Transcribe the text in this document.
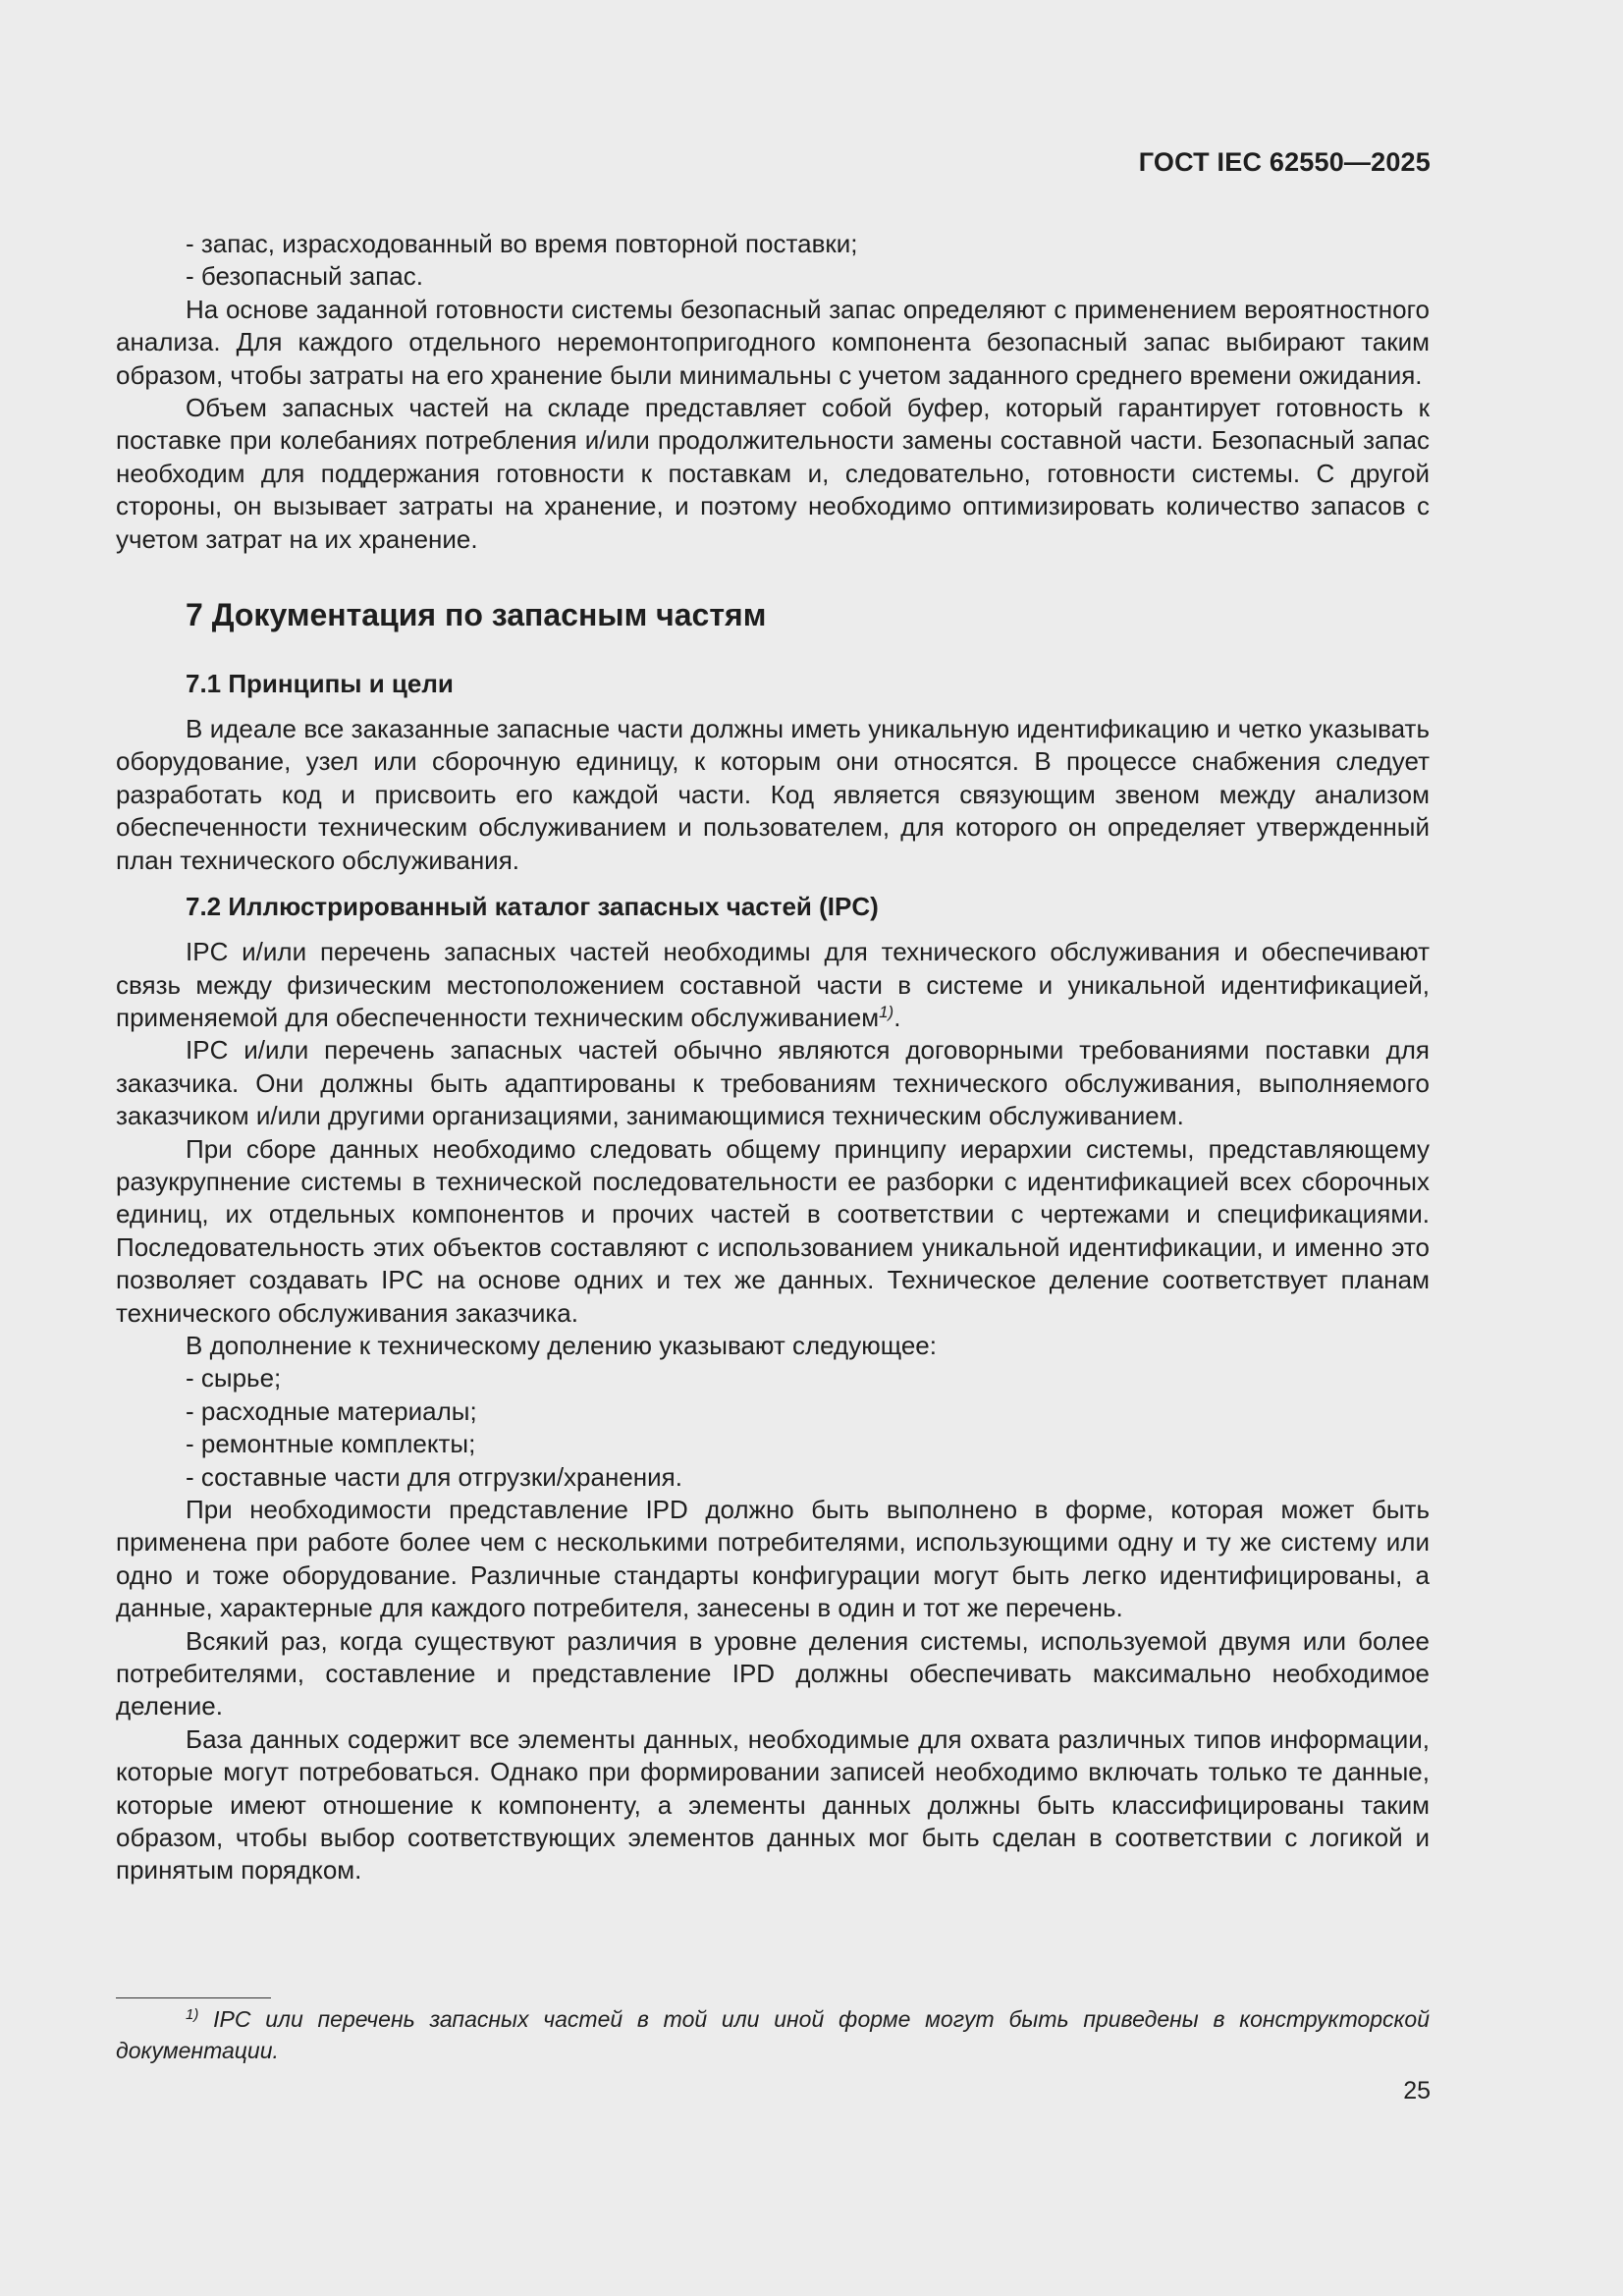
ГОСТ IEC 62550—2025

- запас, израсходованный во время повторной поставки;

- безопасный запас.

На основе заданной готовности системы безопасный запас определяют с применением вероятностного анализа. Для каждого отдельного неремонтопригодного компонента безопасный запас выбирают таким образом, чтобы затраты на его хранение были минимальны с учетом заданного среднего времени ожидания.

Объем запасных частей на складе представляет собой буфер, который гарантирует готовность к поставке при колебаниях потребления и/или продолжительности замены составной части. Безопасный запас необходим для поддержания готовности к поставкам и, следовательно, готовности системы. С другой стороны, он вызывает затраты на хранение, и поэтому необходимо оптимизировать количество запасов с учетом затрат на их хранение.

7 Документация по запасным частям
7.1 Принципы и цели

В идеале все заказанные запасные части должны иметь уникальную идентификацию и четко указывать оборудование, узел или сборочную единицу, к которым они относятся. В процессе снабжения следует разработать код и присвоить его каждой части. Код является связующим звеном между анализом обеспеченности техническим обслуживанием и пользователем, для которого он определяет утвержденный план технического обслуживания.

7.2 Иллюстрированный каталог запасных частей (IPC)

IPC и/или перечень запасных частей необходимы для технического обслуживания и обеспечивают связь между физическим местоположением составной части в системе и уникальной идентификацией, применяемой для обеспеченности техническим обслуживанием$^{1)}$.

IPC и/или перечень запасных частей обычно являются договорными требованиями поставки для заказчика. Они должны быть адаптированы к требованиям технического обслуживания, выполняемого заказчиком и/или другими организациями, занимающимися техническим обслуживанием.

При сборе данных необходимо следовать общему принципу иерархии системы, представляющему разукрупнение системы в технической последовательности ее разборки с идентификацией всех сборочных единиц, их отдельных компонентов и прочих частей в соответствии с чертежами и спецификациями. Последовательность этих объектов составляют с использованием уникальной идентификации, и именно это позволяет создавать IPC на основе одних и тех же данных. Техническое деление соответствует планам технического обслуживания заказчика.

В дополнение к техническому делению указывают следующее:

- сырье;

- расходные материалы;

- ремонтные комплекты;

- составные части для отгрузки/хранения.

При необходимости представление IPD должно быть выполнено в форме, которая может быть применена при работе более чем с несколькими потребителями, использующими одну и ту же систему или одно и тоже оборудование. Различные стандарты конфигурации могут быть легко идентифицированы, а данные, характерные для каждого потребителя, занесены в один и тот же перечень.

Всякий раз, когда существуют различия в уровне деления системы, используемой двумя или более потребителями, составление и представление IPD должны обеспечивать максимально необходимое деление.

База данных содержит все элементы данных, необходимые для охвата различных типов информации, которые могут потребоваться. Однако при формировании записей необходимо включать только те данные, которые имеют отношение к компоненту, а элементы данных должны быть классифицированы таким образом, чтобы выбор соответствующих элементов данных мог быть сделан в соответствии с логикой и принятым порядком.

$^{1)}$ IPC или перечень запасных частей в той или иной форме могут быть приведены в конструкторской документации.
25
